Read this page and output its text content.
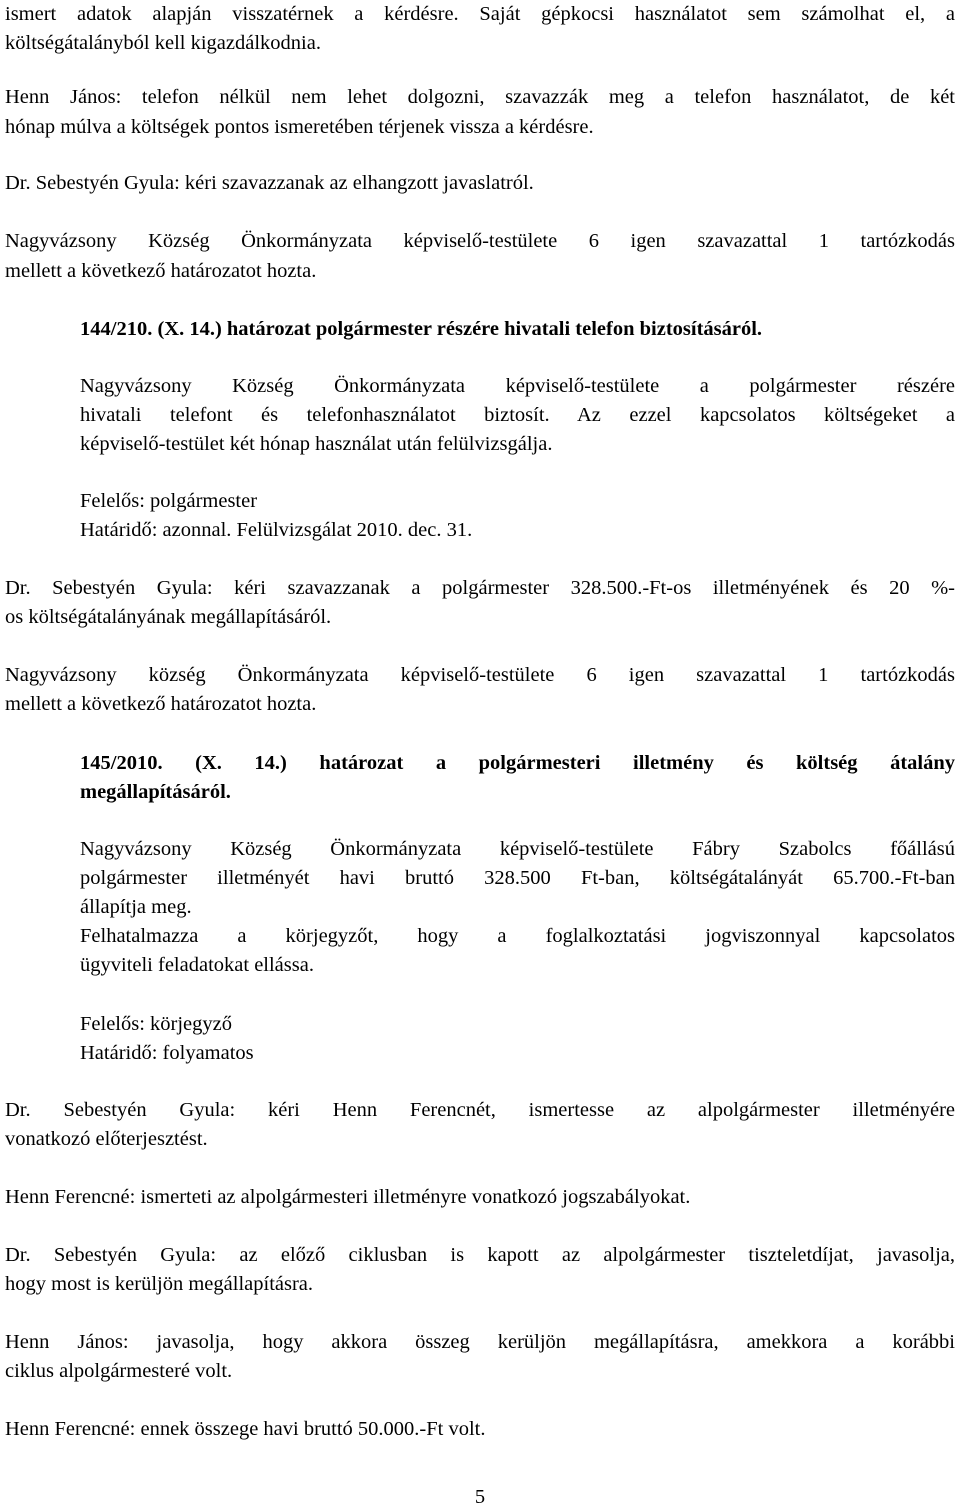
ismert adatok alapján visszatérnek a kérdésre. Saját gépkocsi használatot sem számolhat el, a
költségátalányból kell kigazdálkodnia.
Henn János: telefon nélkül nem lehet dolgozni, szavazzák meg a telefon használatot, de két
hónap múlva a költségek pontos ismeretében térjenek vissza a kérdésre.
Dr. Sebestyén Gyula: kéri szavazzanak az elhangzott javaslatról.
Nagyvázsony Község Önkormányzata képviselő-testülete 6 igen szavazattal 1 tartózkodás
mellett a következő határozatot hozta.
144/210. (X. 14.) határozat polgármester részére hivatali telefon biztosításáról.
Nagyvázsony Község Önkormányzata képviselő-testülete a polgármester részére
hivatali telefont és telefonhasználatot biztosít. Az ezzel kapcsolatos költségeket a
képviselő-testület két hónap használat után felülvizsgálja.
Felelős: polgármester
Határidő: azonnal. Felülvizsgálat 2010. dec. 31.
Dr. Sebestyén Gyula: kéri szavazzanak a polgármester 328.500.-Ft-os illetményének és 20 %-
os költségátalányának megállapításáról.
Nagyvázsony község Önkormányzata képviselő-testülete 6 igen szavazattal 1 tartózkodás
mellett a következő határozatot hozta.
145/2010. (X. 14.) határozat a polgármesteri illetmény és költség átalány
megállapításáról.
Nagyvázsony Község Önkormányzata képviselő-testülete Fábry Szabolcs főállású
polgármester illetményét havi bruttó 328.500 Ft-ban, költségátalányát 65.700.-Ft-ban
állapítja meg.
Felhatalmazza a körjegyzőt, hogy a foglalkoztatási jogviszonnyal kapcsolatos
ügyviteli feladatokat ellássa.
Felelős: körjegyző
Határidő: folyamatos
Dr. Sebestyén Gyula: kéri Henn Ferencnét, ismertesse az alpolgármester illetményére
vonatkozó előterjesztést.
Henn Ferencné: ismerteti az alpolgármesteri illetményre vonatkozó jogszabályokat.
Dr. Sebestyén Gyula: az előző ciklusban is kapott az alpolgármester tiszteletdíjat, javasolja,
hogy most is kerüljön megállapításra.
Henn János: javasolja, hogy akkora összeg kerüljön megállapításra, amekkora a korábbi
ciklus alpolgármesteré volt.
Henn Ferencné: ennek összege havi bruttó 50.000.-Ft volt.
5
